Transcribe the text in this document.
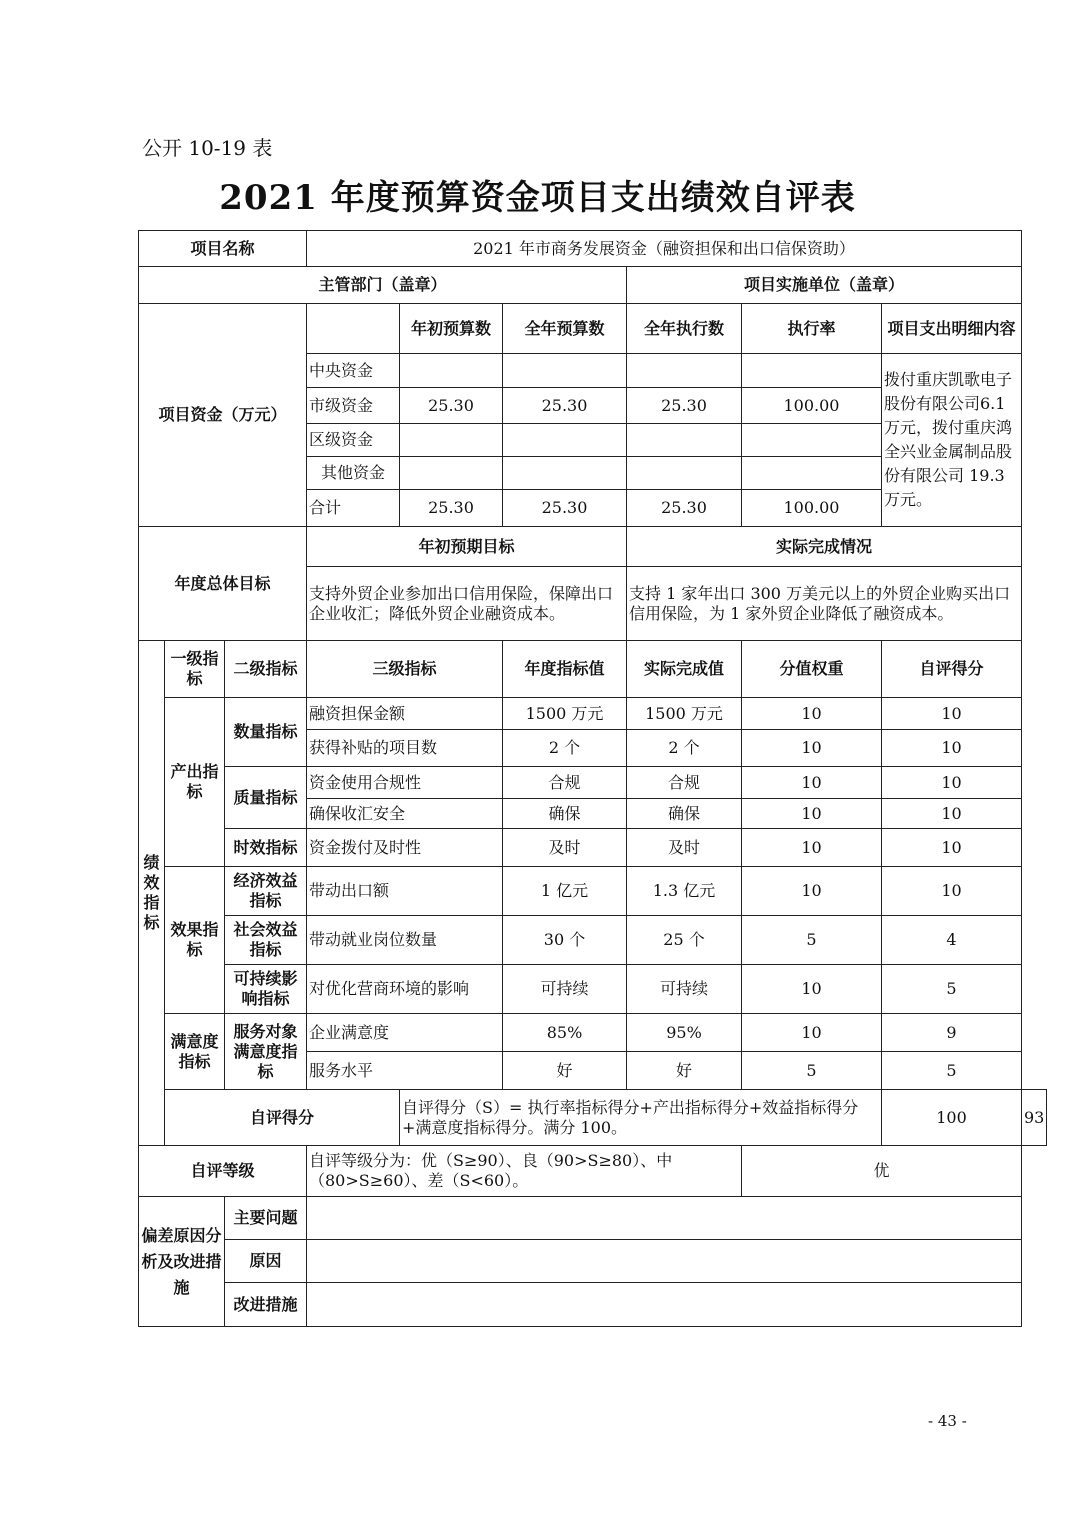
公开 10-19 表
2021 年度预算资金项目支出绩效自评表
项目名称			2021 年市商务发展资金（融资担保和出口信保资助）						
主管部门（盖章）						项目实施单位（盖章）			
项目资金（万元）				年初预算数	全年预算数	全年执行数	执行率	项目支出明细内容	
			中央资金					拨付重庆凯歌电子股份有限公司6.1万元，拨付重庆鸿全兴业金属制品股份有限公司 19.3 万元。	
			市级资金	25.30	25.30	25.30	100.00		
			区级资金						
			其他资金						
			合计	25.30	25.30	25.30	100.00		
年度总体目标			年初预期目标			实际完成情况			
			支持外贸企业参加出口信用保险，保障出口企业收汇；降低外贸企业融资成本。			支持 1 家年出口 300 万美元以上的外贸企业购买出口信用保险，为 1 家外贸企业降低了融资成本。			
绩效指标	一级指标	二级指标	三级指标		年度指标值	实际完成值	分值权重	自评得分	
	产出指标	数量指标	融资担保金额		1500 万元	1500 万元	10	10	
			获得补贴的项目数		2 个	2 个	10	10	
		质量指标	资金使用合规性		合规	合规	10	10	
			确保收汇安全		确保	确保	10	10	
		时效指标	资金拨付及时性		及时	及时	10	10	
	效果指标	经济效益指标	带动出口额		1 亿元	1.3 亿元	10	10	
		社会效益指标	带动就业岗位数量		30 个	25 个	5	4	
		可持续影响指标	对优化营商环境的影响		可持续	可持续	10	5	
	满意度指标	服务对象满意度指标	企业满意度		85%	95%	10	9	
			服务水平		好	好	5	5	
	自评得分			自评得分（S）= 执行率指标得分+产出指标得分+效益指标得分+满意度指标得分。满分 100。				100	93
自评等级			自评等级分为：优（S≥90）、良（90>S≥80）、中（80>S≥60）、差（S<60）。				优		
偏差原因分析及改进措施		主要问题							
		原因							
		改进措施							
- 43 -
